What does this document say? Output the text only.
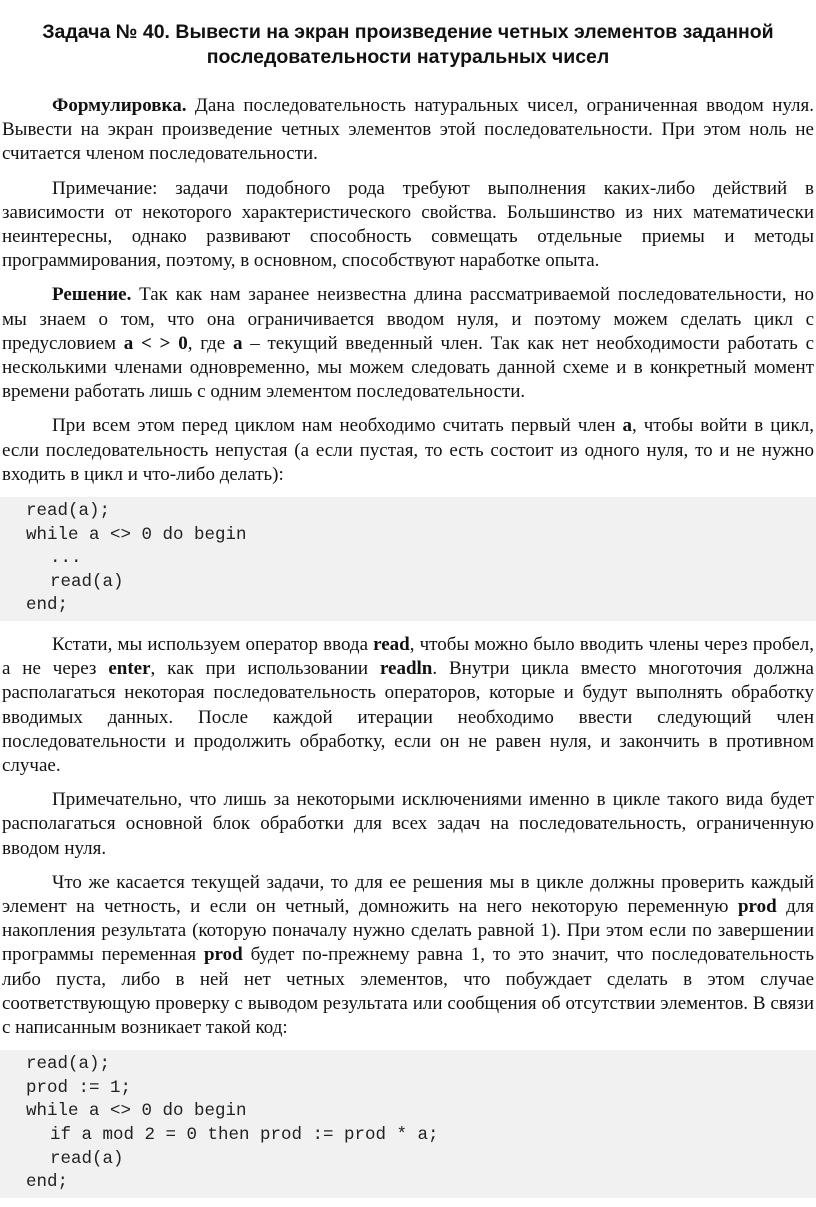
Задача № 40. Вывести на экран произведение четных элементов заданной
последовательности натуральных чисел

Формулировка. Дана последовательность натуральных чисел, ограниченная вводом нуля. Вывести на экран произведение четных элементов этой последовательности. При этом ноль не считается членом последовательности.

Примечание: задачи подобного рода требуют выполнения каких-либо действий в зависимости от некоторого характеристического свойства. Большинство из них математически неинтересны, однако развивают способность совмещать отдельные приемы и методы программирования, поэтому, в основном, способствуют наработке опыта.

Решение. Так как нам заранее неизвестна длина рассматриваемой последовательности, но мы знаем о том, что она ограничивается вводом нуля, и поэтому можем сделать цикл с предусловием a < > 0, где a – текущий введенный член. Так как нет необходимости работать с несколькими членами одновременно, мы можем следовать данной схеме и в конкретный момент времени работать лишь с одним элементом последовательности.

При всем этом перед циклом нам необходимо считать первый член a, чтобы войти в цикл, если последовательность непустая (а если пустая, то есть состоит из одного нуля, то и не нужно входить в цикл и что-либо делать):

read(a);
while a <> 0 do begin
...
read(a)
end;

Кстати, мы используем оператор ввода read, чтобы можно было вводить члены через пробел, а не через enter, как при использовании readln. Внутри цикла вместо многоточия должна располагаться некоторая последовательность операторов, которые и будут выполнять обработку вводимых данных. После каждой итерации необходимо ввести следующий член последовательности и продолжить обработку, если он не равен нуля, и закончить в противном случае.

Примечательно, что лишь за некоторыми исключениями именно в цикле такого вида будет располагаться основной блок обработки для всех задач на последовательность, ограниченную вводом нуля.

Что же касается текущей задачи, то для ее решения мы в цикле должны проверить каждый элемент на четность, и если он четный, домножить на него некоторую переменную prod для накопления результата (которую поначалу нужно сделать равной 1). При этом если по завершении программы переменная prod будет по-прежнему равна 1, то это значит, что последовательность либо пуста, либо в ней нет четных элементов, что побуждает сделать в этом случае соответствующую проверку с выводом результата или сообщения об отсутствии элементов. В связи с написанным возникает такой код:

read(a);
prod := 1;
while a <> 0 do begin
if a mod 2 = 0 then prod := prod * a;
read(a)
end;
